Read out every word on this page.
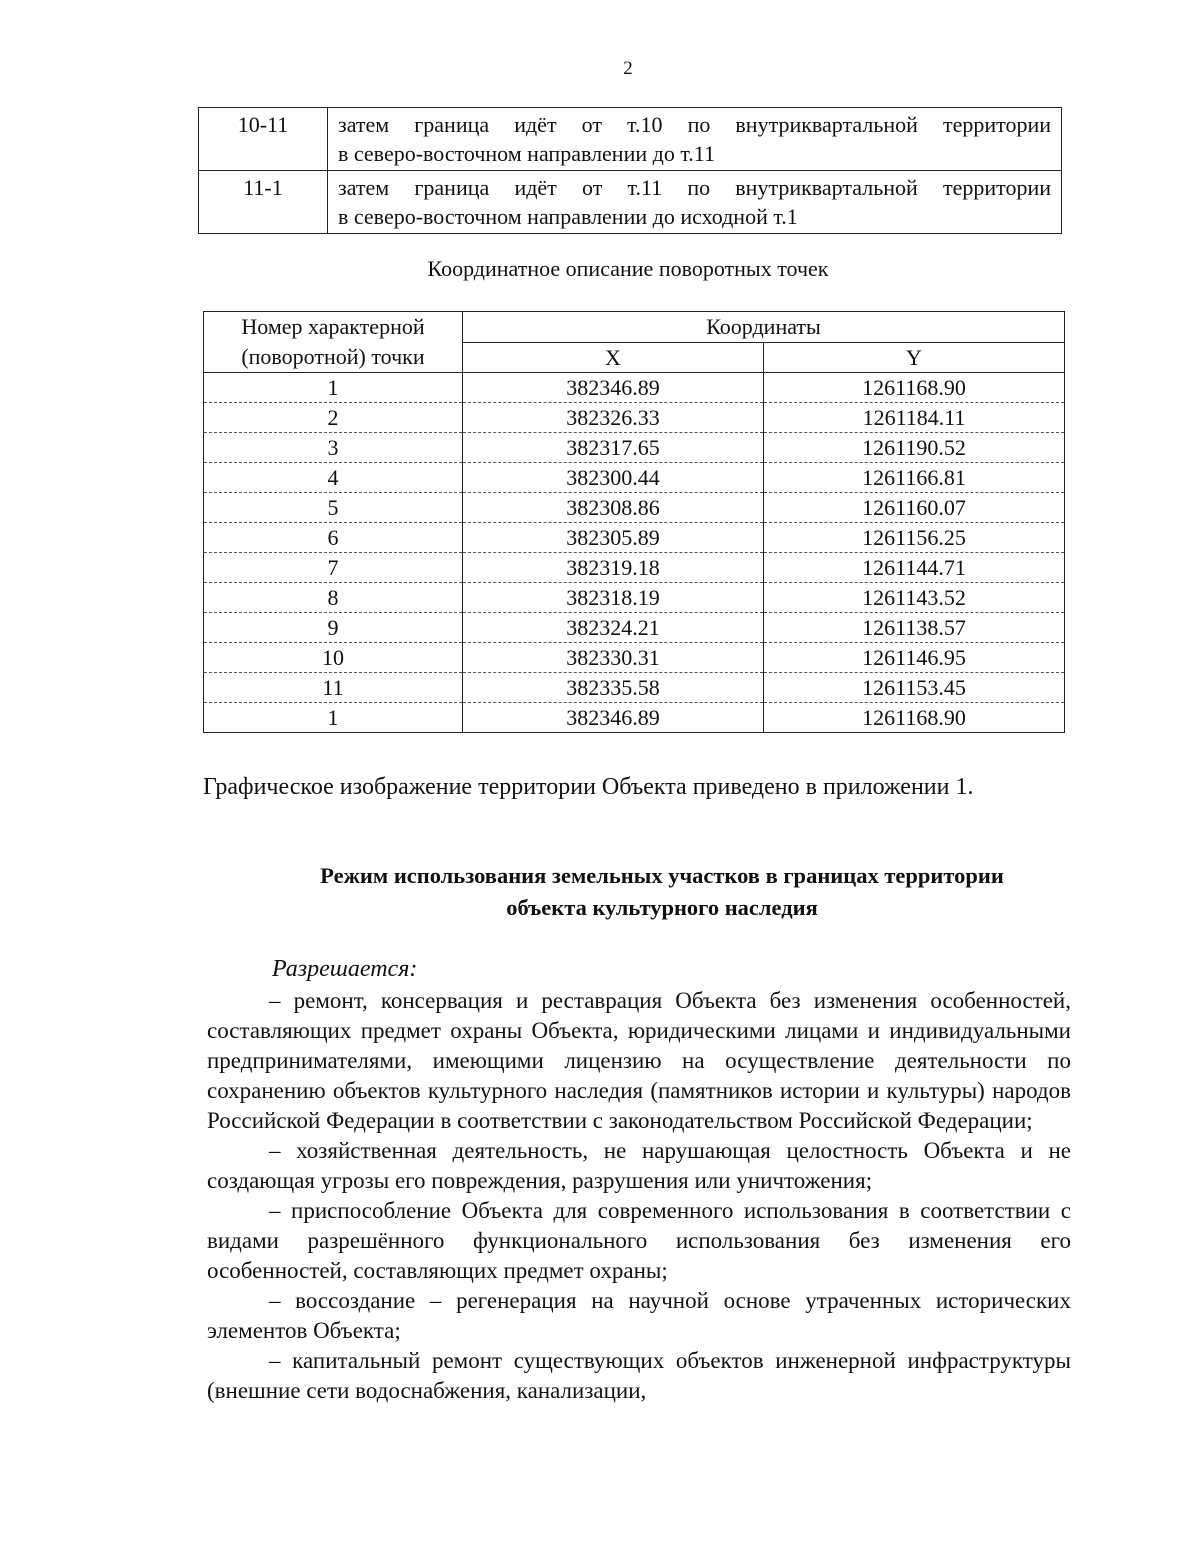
2
10-11	затем граница идёт от т.10 по внутриквартальной территории
в северо-восточном направлении до т.11
11-1	затем граница идёт от т.11 по внутриквартальной территории
в северо-восточном направлении до исходной т.1
Координатное описание поворотных точек
Номер характерной
(поворотной) точки	Координаты	
	X	Y
1	382346.89	1261168.90
2	382326.33	1261184.11
3	382317.65	1261190.52
4	382300.44	1261166.81
5	382308.86	1261160.07
6	382305.89	1261156.25
7	382319.18	1261144.71
8	382318.19	1261143.52
9	382324.21	1261138.57
10	382330.31	1261146.95
11	382335.58	1261153.45
1	382346.89	1261168.90
Графическое изображение территории Объекта приведено в приложении 1.
Режим использования земельных участков в границах территории
объекта культурного наследия
Разрешается:

– ремонт, консервация и реставрация Объекта без изменения особенностей, составляющих предмет охраны Объекта, юридическими лицами и индивидуальными предпринимателями, имеющими лицензию на осуществление деятельности по сохранению объектов культурного наследия (памятников истории и культуры) народов Российской Федерации в соответствии с законодательством Российской Федерации;

– хозяйственная деятельность, не нарушающая целостность Объекта и не создающая угрозы его повреждения, разрушения или уничтожения;

– приспособление Объекта для современного использования в соответствии с видами разрешённого функционального использования без изменения его особенностей, составляющих предмет охраны;

– воссоздание – регенерация на научной основе утраченных исторических элементов Объекта;

– капитальный ремонт существующих объектов инженерной инфраструктуры (внешние сети водоснабжения, канализации,
